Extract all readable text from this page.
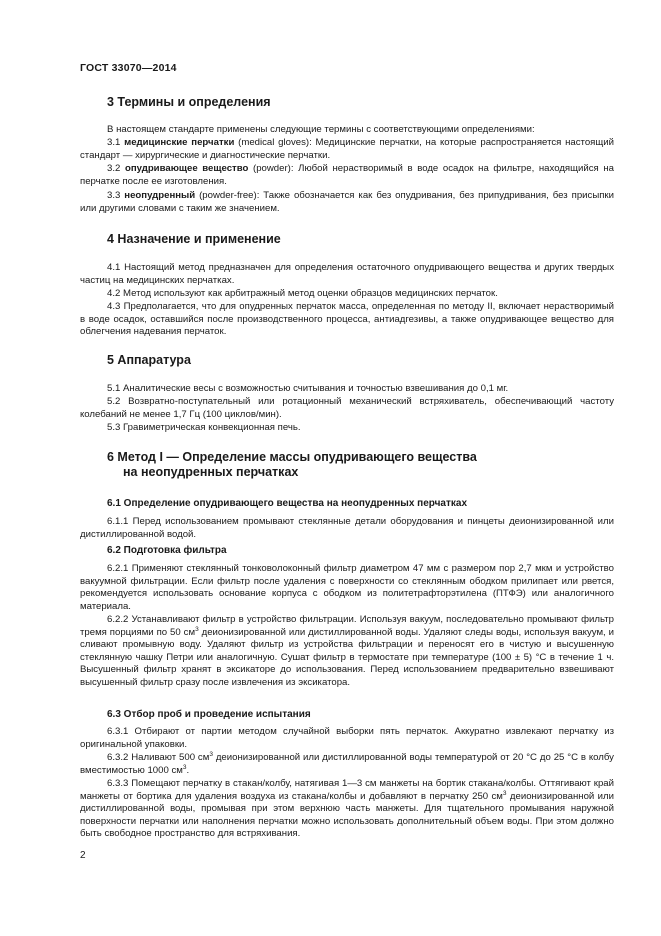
ГОСТ 33070—2014
3 Термины и определения
В настоящем стандарте применены следующие термины с соответствующими определениями:
3.1 медицинские перчатки (medical gloves): Медицинские перчатки, на которые распространяется настоящий стандарт — хирургические и диагностические перчатки.
3.2 опудривающее вещество (powder): Любой нерастворимый в воде осадок на фильтре, находящийся на перчатке после ее изготовления.
3.3 неопудренный (powder-free): Также обозначается как без опудривания, без припудривания, без присыпки или другими словами с таким же значением.
4 Назначение и применение
4.1 Настоящий метод предназначен для определения остаточного опудривающего вещества и других твердых частиц на медицинских перчатках.
4.2 Метод используют как арбитражный метод оценки образцов медицинских перчаток.
4.3 Предполагается, что для опудренных перчаток масса, определенная по методу II, включает нерастворимый в воде осадок, оставшийся после производственного процесса, антиадгезивы, а также опудривающее вещество для облегчения надевания перчаток.
5 Аппаратура
5.1 Аналитические весы с возможностью считывания и точностью взвешивания до 0,1 мг.
5.2 Возвратно-поступательный или ротационный механический встряхиватель, обеспечивающий частоту колебаний не менее 1,7 Гц (100 циклов/мин).
5.3 Гравиметрическая конвекционная печь.
6 Метод I — Определение массы опудривающего вещества
на неопудренных перчатках
6.1 Определение опудривающего вещества на неопудренных перчатках
6.1.1 Перед использованием промывают стеклянные детали оборудования и пинцеты деионизированной или дистиллированной водой.
6.2 Подготовка фильтра
6.2.1 Применяют стеклянный тонковолоконный фильтр диаметром 47 мм с размером пор 2,7 мкм и устройство вакуумной фильтрации. Если фильтр после удаления с поверхности со стеклянным ободком прилипает или рвется, рекомендуется использовать основание корпуса с ободком из политетрафторэтилена (ПТФЭ) или аналогичного материала.
6.2.2 Устанавливают фильтр в устройство фильтрации. Используя вакуум, последовательно промывают фильтр тремя порциями по 50 $см^3$ деионизированной или дистиллированной воды. Удаляют следы воды, используя вакуум, и сливают промывную воду. Удаляют фильтр из устройства фильтрации и переносят его в чистую и высушенную стеклянную чашку Петри или аналогичную. Сушат фильтр в термостате при температуре (100 ± 5) °С в течение 1 ч. Высушенный фильтр хранят в эксикаторе до использования. Перед использованием предварительно взвешивают высушенный фильтр сразу после извлечения из эксикатора.
6.3 Отбор проб и проведение испытания
6.3.1 Отбирают от партии методом случайной выборки пять перчаток. Аккуратно извлекают перчатку из оригинальной упаковки.
6.3.2 Наливают 500 $см^3$ деионизированной или дистиллированной воды температурой от 20 °С до 25 °С в колбу вместимостью 1000 $см^3$.
6.3.3 Помещают перчатку в стакан/колбу, натягивая 1—3 см манжеты на бортик стакана/колбы. Оттягивают край манжеты от бортика для удаления воздуха из стакана/колбы и добавляют в перчатку 250 $см^3$ деионизированной или дистиллированной воды, промывая при этом верхнюю часть манжеты. Для тщательного промывания наружной поверхности перчатки или наполнения перчатки можно использовать дополнительный объем воды. При этом должно быть свободное пространство для встряхивания.
2
